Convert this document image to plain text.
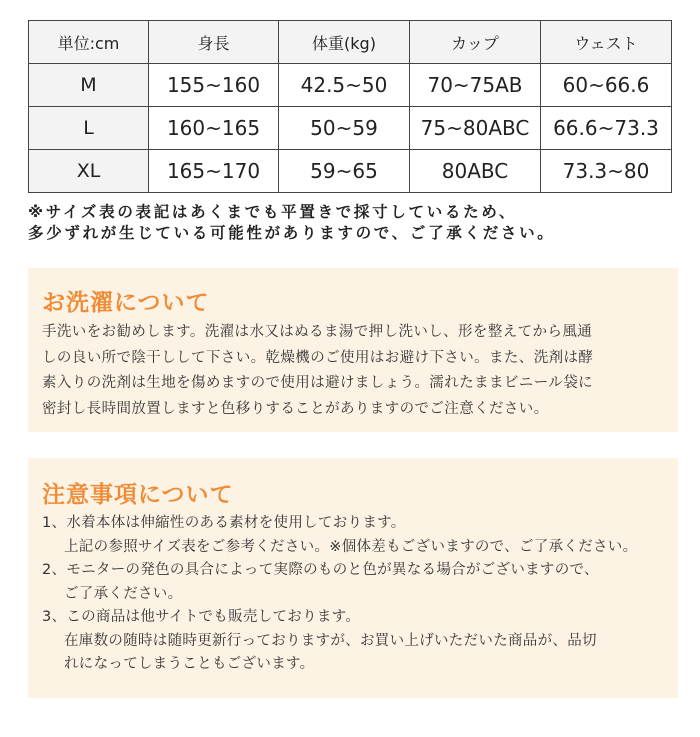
単位:cm	身長	体重(kg)	カップ	ウェスト
M	155~160	42.5~50	70~75AB	60~66.6
L	160~165	50~59	75~80ABC	66.6~73.3
XL	165~170	59~65	80ABC	73.3~80
※サイズ表の表記はあくまでも平置きで採寸しているため、
多少ずれが生じている可能性がありますので、ご了承ください。
お洗濯について
手洗いをお勧めします。洗濯は水又はぬるま湯で押し洗いし、形を整えてから風通
しの良い所で陰干しして下さい。乾燥機のご使用はお避け下さい。また、洗剤は酵
素入りの洗剤は生地を傷めますので使用は避けましょう。濡れたままビニール袋に
密封し長時間放置しますと色移りすることがありますのでご注意ください。
注意事項について
1、水着本体は伸縮性のある素材を使用しております。
上記の参照サイズ表をご参考ください。※個体差もございますので、ご了承ください。
2、モニターの発色の具合によって実際のものと色が異なる場合がございますので、
ご了承ください。
3、この商品は他サイトでも販売しております。
在庫数の随時は随時更新行っておりますが、お買い上げいただいた商品が、品切
れになってしまうこともございます。
